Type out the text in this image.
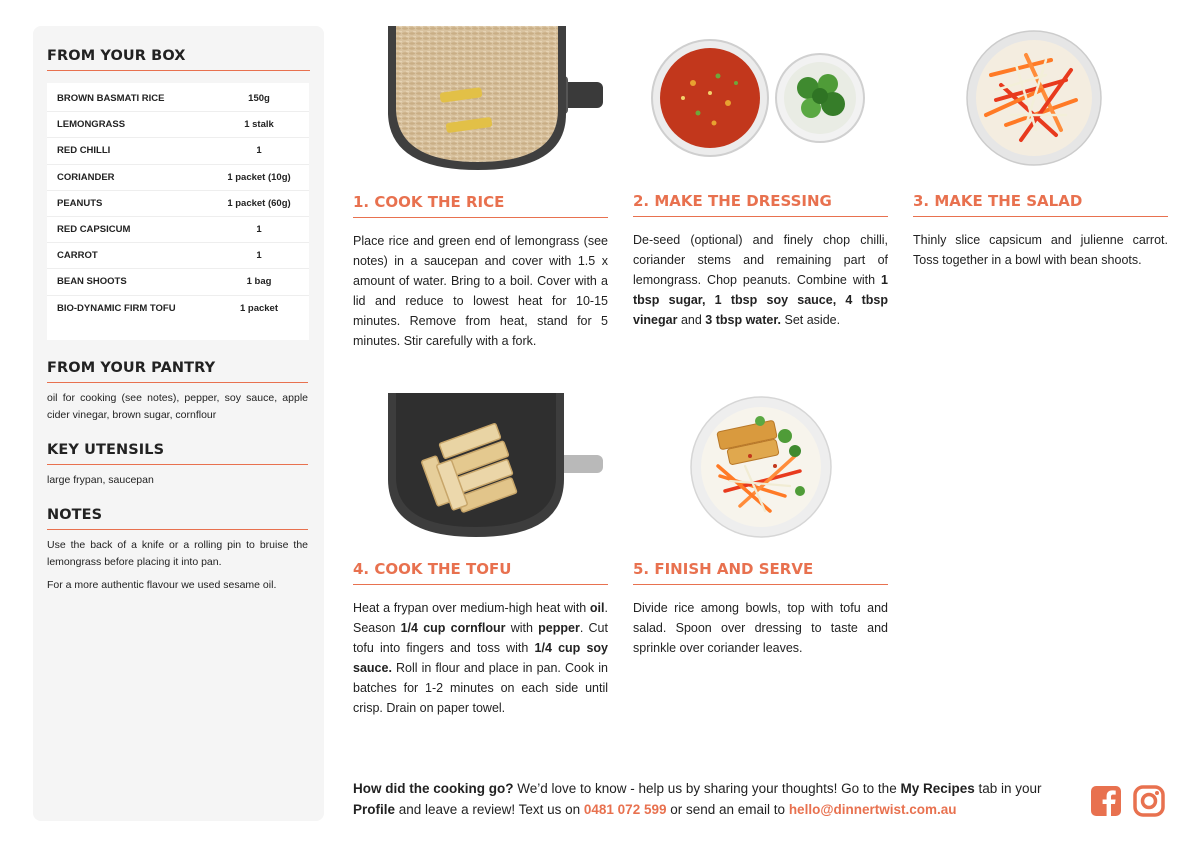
FROM YOUR BOX
BROWN BASMATI RICE	150g
LEMONGRASS	1 stalk
RED CHILLI	1
CORIANDER	1 packet (10g)
PEANUTS	1 packet (60g)
RED CAPSICUM	1
CARROT	1
BEAN SHOOTS	1 bag
BIO-DYNAMIC FIRM TOFU	1 packet
FROM YOUR PANTRY

oil for cooking (see notes), pepper, soy sauce, apple cider vinegar, brown sugar, cornflour

KEY UTENSILS

large frypan, saucepan

NOTES

Use the back of a knife or a rolling pin to bruise the lemongrass before placing it into pan.

For a more authentic flavour we used sesame oil.

1. COOK THE RICE

Place rice and green end of lemongrass (see notes) in a saucepan and cover with 1.5 x amount of water. Bring to a boil. Cover with a lid and reduce to lowest heat for 10-15 minutes. Remove from heat, stand for 5 minutes. Stir carefully with a fork.

2. MAKE THE DRESSING

De-seed (optional) and finely chop chilli, coriander stems and remaining part of lemongrass. Chop peanuts. Combine with 1 tbsp sugar, 1 tbsp soy sauce, 4 tbsp vinegar and 3 tbsp water. Set aside.

3. MAKE THE SALAD

Thinly slice capsicum and julienne carrot. Toss together in a bowl with bean shoots.

4. COOK THE TOFU

Heat a frypan over medium-high heat with oil. Season 1/4 cup cornflour with pepper. Cut tofu into fingers and toss with 1/4 cup soy sauce. Roll in flour and place in pan. Cook in batches for 1-2 minutes on each side until crisp. Drain on paper towel.

5. FINISH AND SERVE

Divide rice among bowls, top with tofu and salad. Spoon over dressing to taste and sprinkle over coriander leaves.

How did the cooking go? We’d love to know - help us by sharing your thoughts! Go to the My Recipes tab in your Profile and leave a review! Text us on 0481 072 599 or send an email to hello@dinnertwist.com.au
